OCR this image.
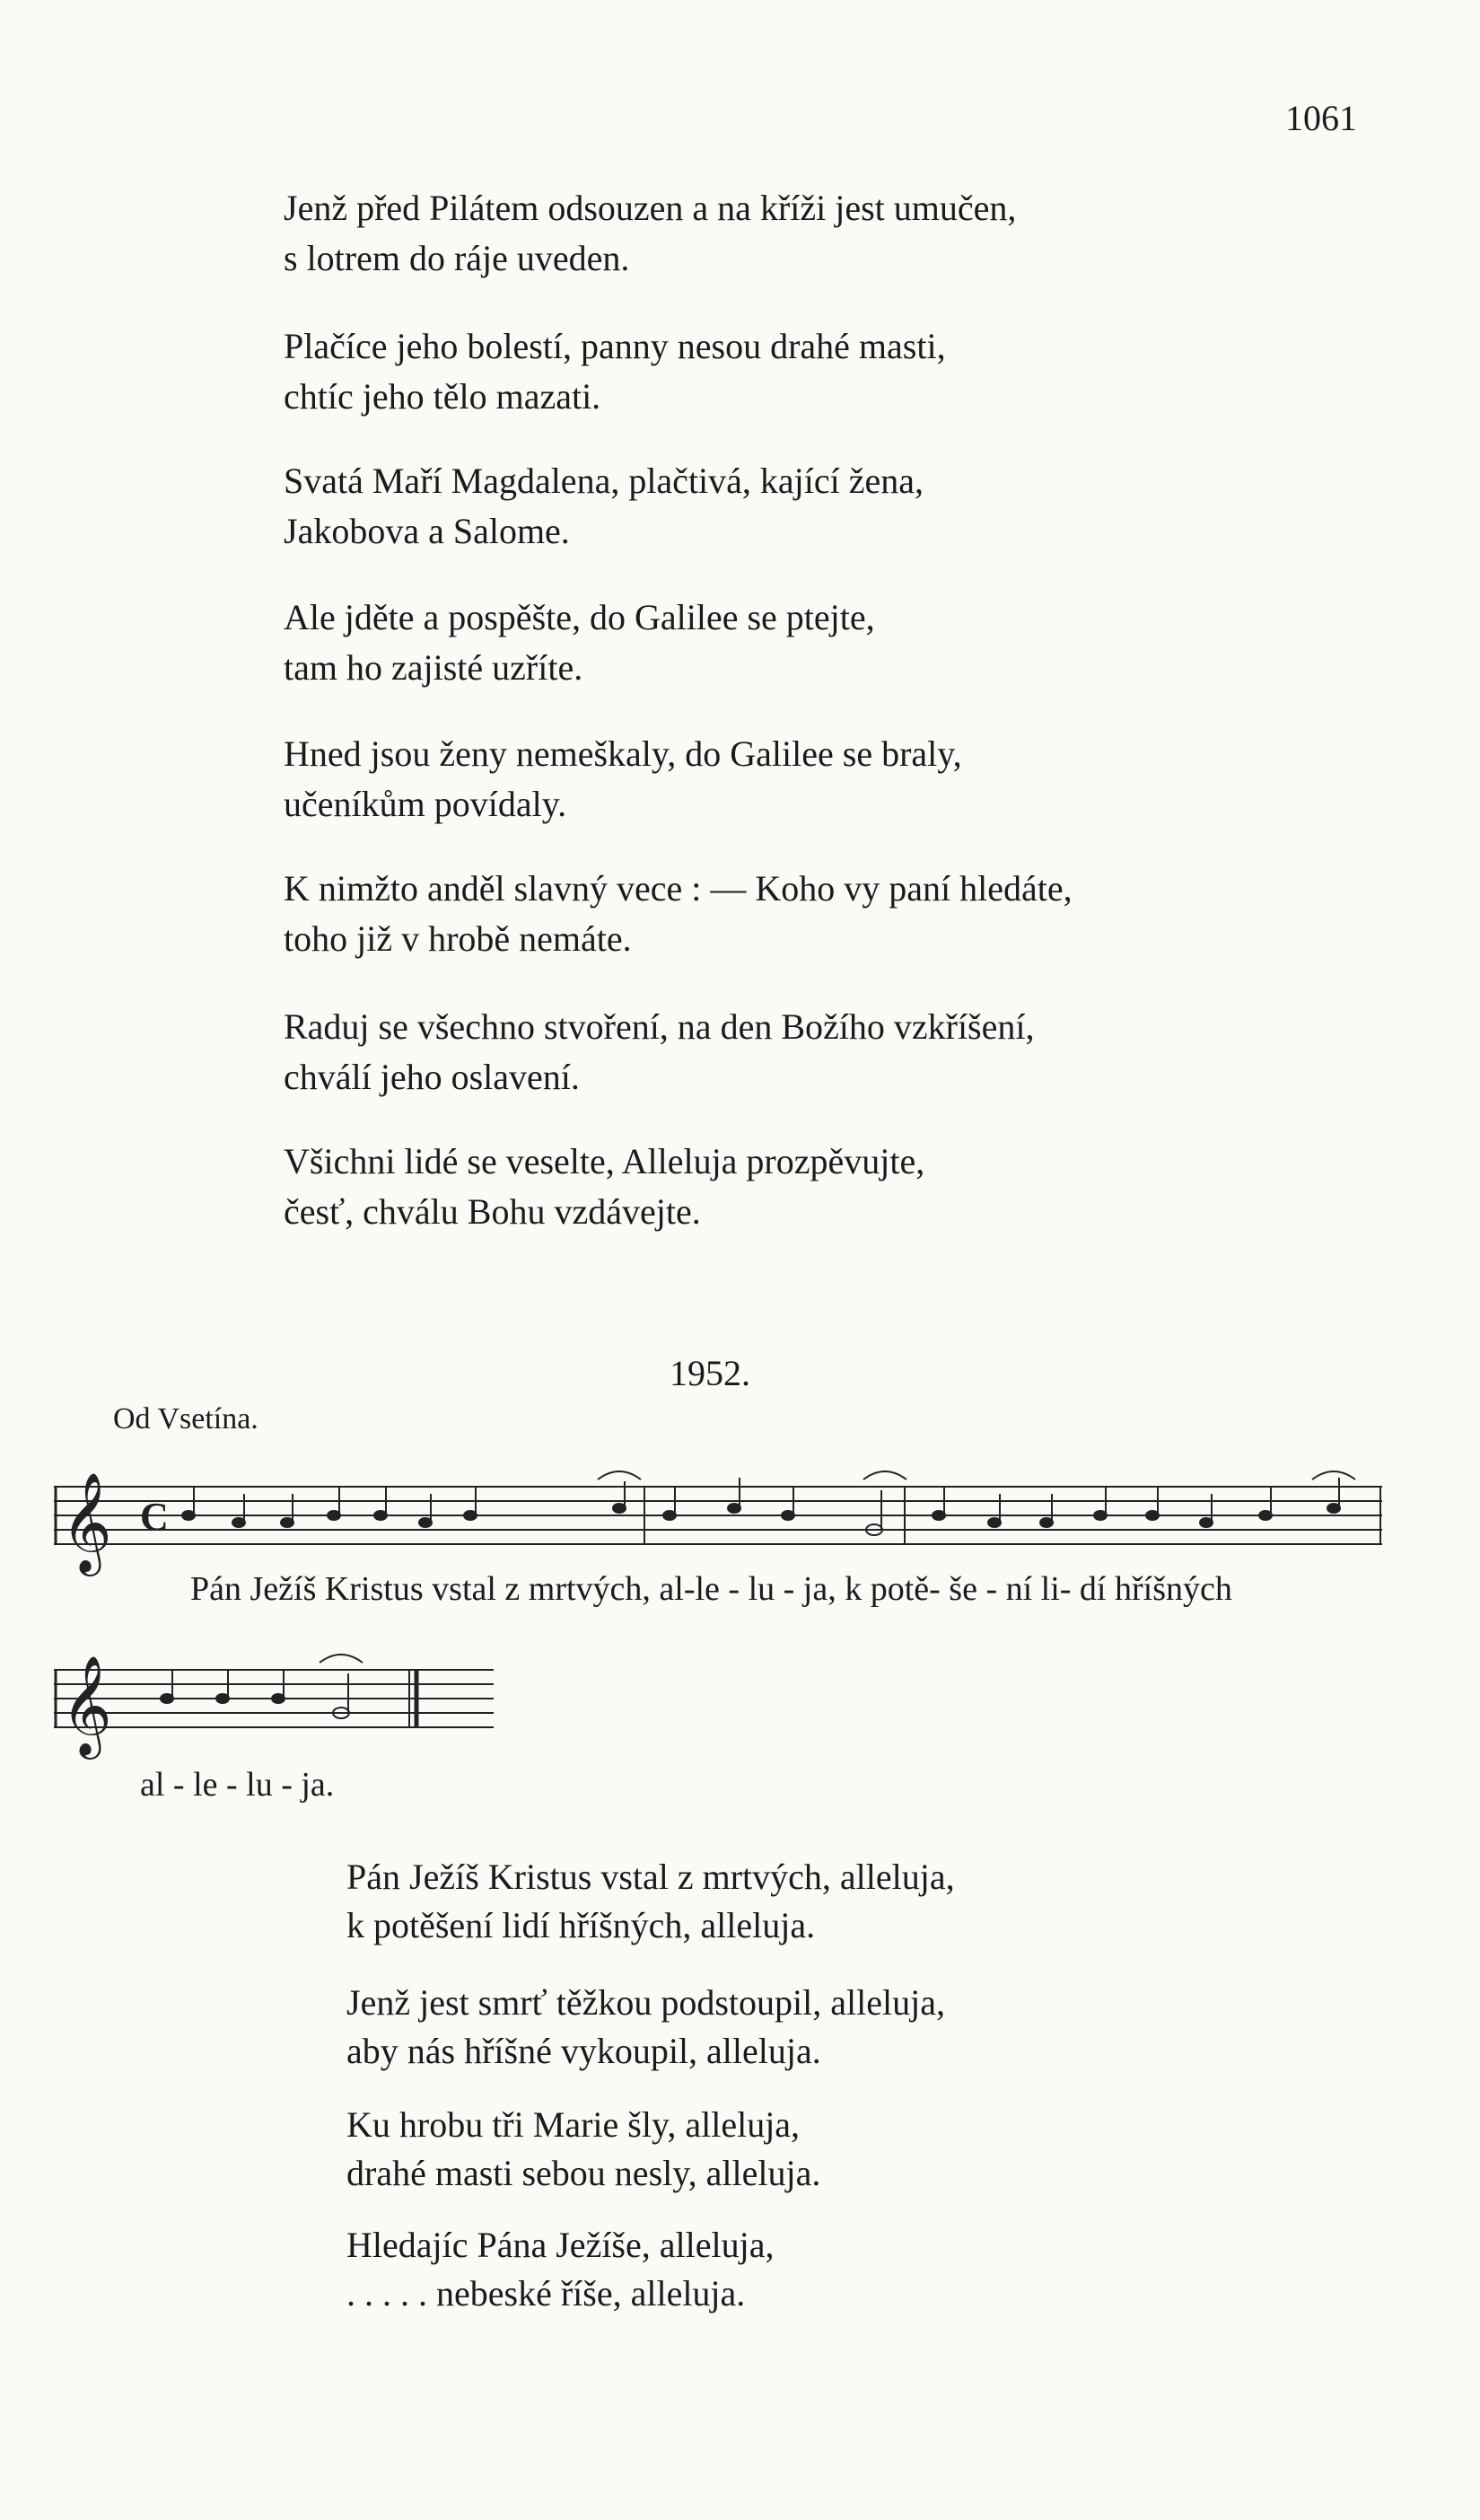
1061
Jenž před Pilátem odsouzen a na kříži jest umučen,
s lotrem do ráje uveden.
Plačíce jeho bolestí, panny nesou drahé masti,
chtíc jeho tělo mazati.
Svatá Maří Magdalena, plačtivá, kající žena,
Jakobova a Salome.
Ale jděte a pospěšte, do Galilee se ptejte,
tam ho zajisté uzříte.
Hned jsou ženy nemeškaly, do Galilee se braly,
učeníkům povídaly.
K nimžto anděl slavný vece : — Koho vy paní hledáte,
toho již v hrobě nemáte.
Raduj se všechno stvoření, na den Božího vzkříšení,
chválí jeho oslavení.
Všichni lidé se veselte, Alleluja prozpěvujte,
česť, chválu Bohu vzdávejte.
1952.
Od Vsetína.
𝄞 C
Pán Ježíš Kristus vstal z mrtvých, al-le - lu - ja, k potě- še - ní li- dí hříšných
𝄞
al - le - lu - ja.
Pán Ježíš Kristus vstal z mrtvých, alleluja,
k potěšení lidí hříšných, alleluja.
Jenž jest smrť těžkou podstoupil, alleluja,
aby nás hříšné vykoupil, alleluja.
Ku hrobu tři Marie šly, alleluja,
drahé masti sebou nesly, alleluja.
Hledajíc Pána Ježíše, alleluja,
. . . . . nebeské říše, alleluja.
